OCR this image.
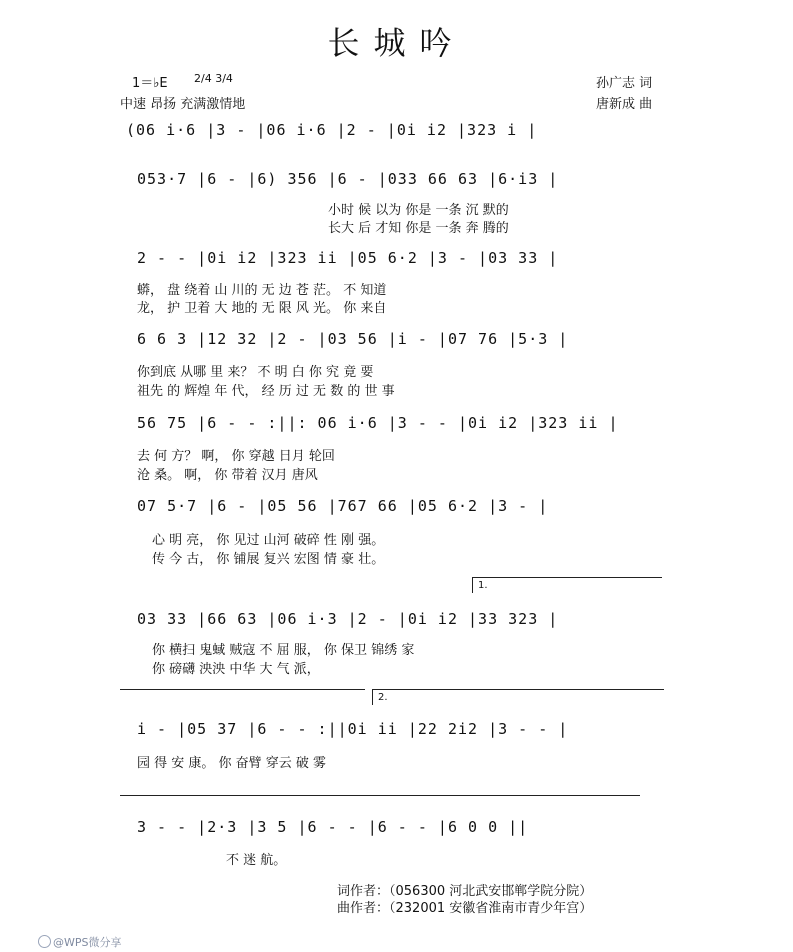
长城吟
1＝♭E 2/4 3/4
中速 昂扬 充满激情地
孙广志 词
唐新成 曲
(06 i·6 |3 - |06 i·6 |2 - |0i i2 |323 i |
053·7 |6 - |6) 356 |6 - |033 66 63 |6·i3 |
小时 候 以为 你是 一条 沉 默的
长大 后 才知 你是 一条 奔 腾的
2 - - |0i i2 |323 ii |05 6·2 |3 - |03 33 |
蟒， 盘 绕着 山 川的 无 边 苍 茫。 不 知道
龙， 护 卫着 大 地的 无 限 风 光。 你 来自
6 6 3 |12 32 |2 - |03 56 |i - |07 76 |5·3 |
你到底 从哪 里 来？ 不 明 白 你 究 竟 要
祖先 的 辉煌 年 代， 经 历 过 无 数 的 世 事
56 75 |6 - - :||: 06 i·6 |3 - - |0i i2 |323 ii |
去 何 方？ 啊， 你 穿越 日月 轮回
沧 桑。 啊， 你 带着 汉月 唐风
07 5·7 |6 - |05 56 |767 66 |05 6·2 |3 - |
心 明 亮， 你 见过 山河 破碎 性 刚 强。
传 今 古， 你 铺展 复兴 宏图 情 豪 壮。
1.
03 33 |66 63 |06 i·3 |2 - |0i i2 |33 323 |
你 横扫 鬼蜮 贼寇 不 屈 服， 你 保卫 锦绣 家
你 磅礴 泱泱 中华 大 气 派，
2.
i - |05 37 |6 - - :||0i ii |22 2i2 |3 - - |
园 得 安 康。 你 奋臂 穿云 破 雾
3 - - |2·3 |3 5 |6 - - |6 - - |6 0 0 ||
不 迷 航。
词作者：（056300 河北武安邯郸学院分院）
曲作者：（232001 安徽省淮南市青少年宫）
@WPS微分享
